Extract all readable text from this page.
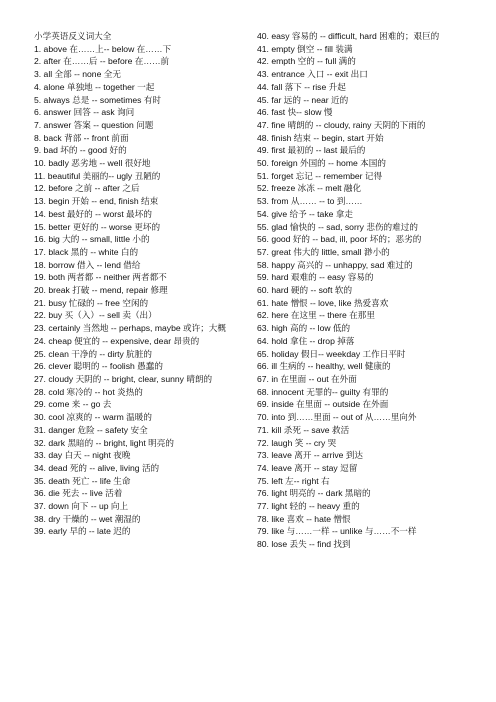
小学英语反义词大全
1. above 在……上-- below 在……下
2. after 在……后 -- before 在……前
3. all 全部 -- none 全无
4. alone 单独地 -- together 一起
5. always 总是 -- sometimes 有时
6. answer 回答 -- ask 询问
7. answer 答案 -- question 问题
8. back 背部 -- front 前面
9. bad 坏的 -- good 好的
10. badly 恶劣地 -- well 很好地
11. beautiful 美丽的-- ugly 丑陋的
12. before 之前 -- after 之后
13. begin 开始 -- end, finish 结束
14. best 最好的 -- worst 最坏的
15. better 更好的 -- worse 更坏的
16. big 大的 -- small, little 小的
17. black 黑的 -- white 白的
18. borrow 借入 -- lend 借给
19. both 两者都 -- neither 两者都不
20. break 打破 -- mend, repair 修理
21. busy 忙碌的 -- free 空闲的
22. buy 买（入）-- sell 卖（出）
23. certainly 当然地 -- perhaps, maybe 或许；大概
24. cheap 便宜的 -- expensive, dear 昂贵的
25. clean 干净的 -- dirty 肮脏的
26. clever 聪明的 -- foolish 愚蠢的
27. cloudy 天阴的 -- bright, clear, sunny 晴朗的
28. cold 寒冷的 -- hot 炎热的
29. come 来 -- go 去
30. cool 凉爽的 -- warm 温暖的
31. danger 危险 -- safety 安全
32. dark 黑暗的 -- bright, light 明亮的
33. day 白天 -- night 夜晚
34. dead 死的 -- alive, living 活的
35. death 死亡 -- life 生命
36. die 死去 -- live 活着
37. down 向下 -- up 向上
38. dry 干燥的 -- wet 潮湿的
39. early 早的 -- late 迟的
40. easy 容易的 -- difficult, hard 困难的；艰巨的
41. empty 倒空 -- fill 装满
42. empth 空的 -- full 满的
43. entrance 入口 -- exit 出口
44. fall 落下 -- rise 升起
45. far 远的 -- near 近的
46. fast 快-- slow 慢
47. fine 晴朗的 -- cloudy, rainy 天阴的下雨的
48. finish 结束 -- begin, start 开始
49. first 最初的 -- last 最后的
50. foreign 外国的 -- home 本国的
51. forget 忘记 -- remember 记得
52. freeze 冰冻 -- melt 融化
53. from 从…… -- to 到……
54. give 给予 -- take 拿走
55. glad 愉快的 -- sad, sorry 悲伤的难过的
56. good 好的 -- bad, ill, poor 坏的；恶劣的
57. great 伟大的 little, small 渺小的
58. happy 高兴的 -- unhappy, sad 难过的
59. hard 艰难的 -- easy 容易的
60. hard 硬的 -- soft 软的
61. hate 憎恨 -- love, like 热爱喜欢
62. here 在这里 -- there 在那里
63. high 高的 -- low 低的
64. hold 拿住 -- drop 掉落
65. holiday 假日-- weekday 工作日平时
66. ill 生病的 -- healthy, well 健康的
67. in 在里面 -- out 在外面
68. innocent 无罪的-- guilty 有罪的
69. inside 在里面 -- outside 在外面
70. into 到……里面 -- out of 从……里向外
71. kill 杀死 -- save 救活
72. laugh 笑 -- cry 哭
73. leave 离开 -- arrive 到达
74. leave 离开 -- stay 逗留
75. left 左-- right 右
76. light 明亮的 -- dark 黑暗的
77. light 轻的 -- heavy 重的
78. like 喜欢 -- hate 憎恨
79. like 与……一样 -- unlike 与……不一样
80. lose 丢失 -- find 找到
